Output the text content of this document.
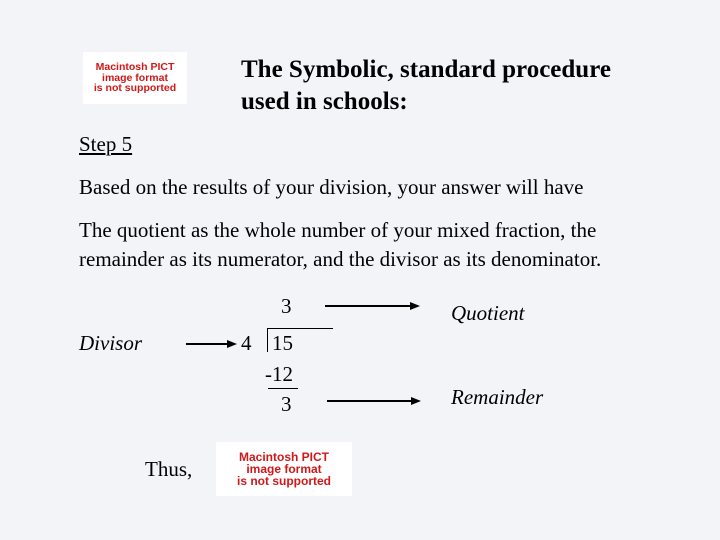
Macintosh PICT
image format
is not supported
The Symbolic, standard procedure
used in schools:
Step 5
Based on the results of your division, your answer will have
The quotient as the whole number of your mixed fraction, the
remainder as its numerator, and the divisor as its denominator.
3
4 15
-12
3
Divisor
Quotient
Remainder
Thus,	Macintosh PICT
image format
is not supported
